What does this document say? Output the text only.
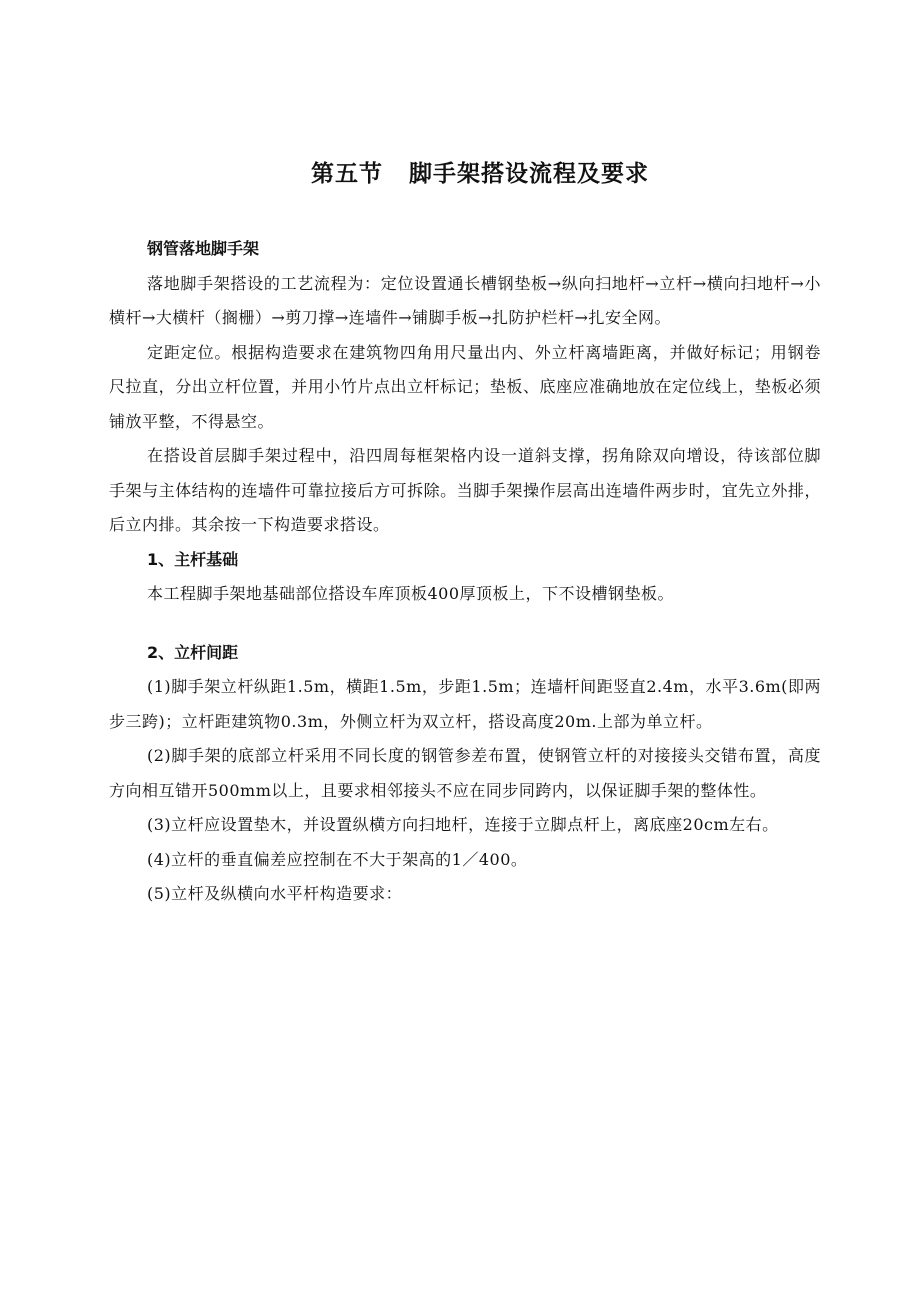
第五节 脚手架搭设流程及要求

钢管落地脚手架

落地脚手架搭设的工艺流程为：定位设置通长槽钢垫板→纵向扫地杆→立杆→横向扫地杆→小横杆→大横杆（搁栅）→剪刀撑→连墙件→铺脚手板→扎防护栏杆→扎安全网。

定距定位。根据构造要求在建筑物四角用尺量出内、外立杆离墙距离，并做好标记；用钢卷尺拉直，分出立杆位置，并用小竹片点出立杆标记；垫板、底座应准确地放在定位线上，垫板必须铺放平整，不得悬空。

在搭设首层脚手架过程中，沿四周每框架格内设一道斜支撑，拐角除双向增设，待该部位脚手架与主体结构的连墙件可靠拉接后方可拆除。当脚手架操作层高出连墙件两步时，宜先立外排，后立内排。其余按一下构造要求搭设。

1、主杆基础

本工程脚手架地基础部位搭设车库顶板400厚顶板上，下不设槽钢垫板。

2、立杆间距

(1)脚手架立杆纵距1.5m，横距1.5m，步距1.5m；连墙杆间距竖直2.4m，水平3.6m(即两步三跨)；立杆距建筑物0.3m，外侧立杆为双立杆，搭设高度20m.上部为单立杆。

(2)脚手架的底部立杆采用不同长度的钢管参差布置，使钢管立杆的对接接头交错布置，高度方向相互错开500mm以上，且要求相邻接头不应在同步同跨内，以保证脚手架的整体性。

(3)立杆应设置垫木，并设置纵横方向扫地杆，连接于立脚点杆上，离底座20cm左右。

(4)立杆的垂直偏差应控制在不大于架高的1／400。

(5)立杆及纵横向水平杆构造要求：
